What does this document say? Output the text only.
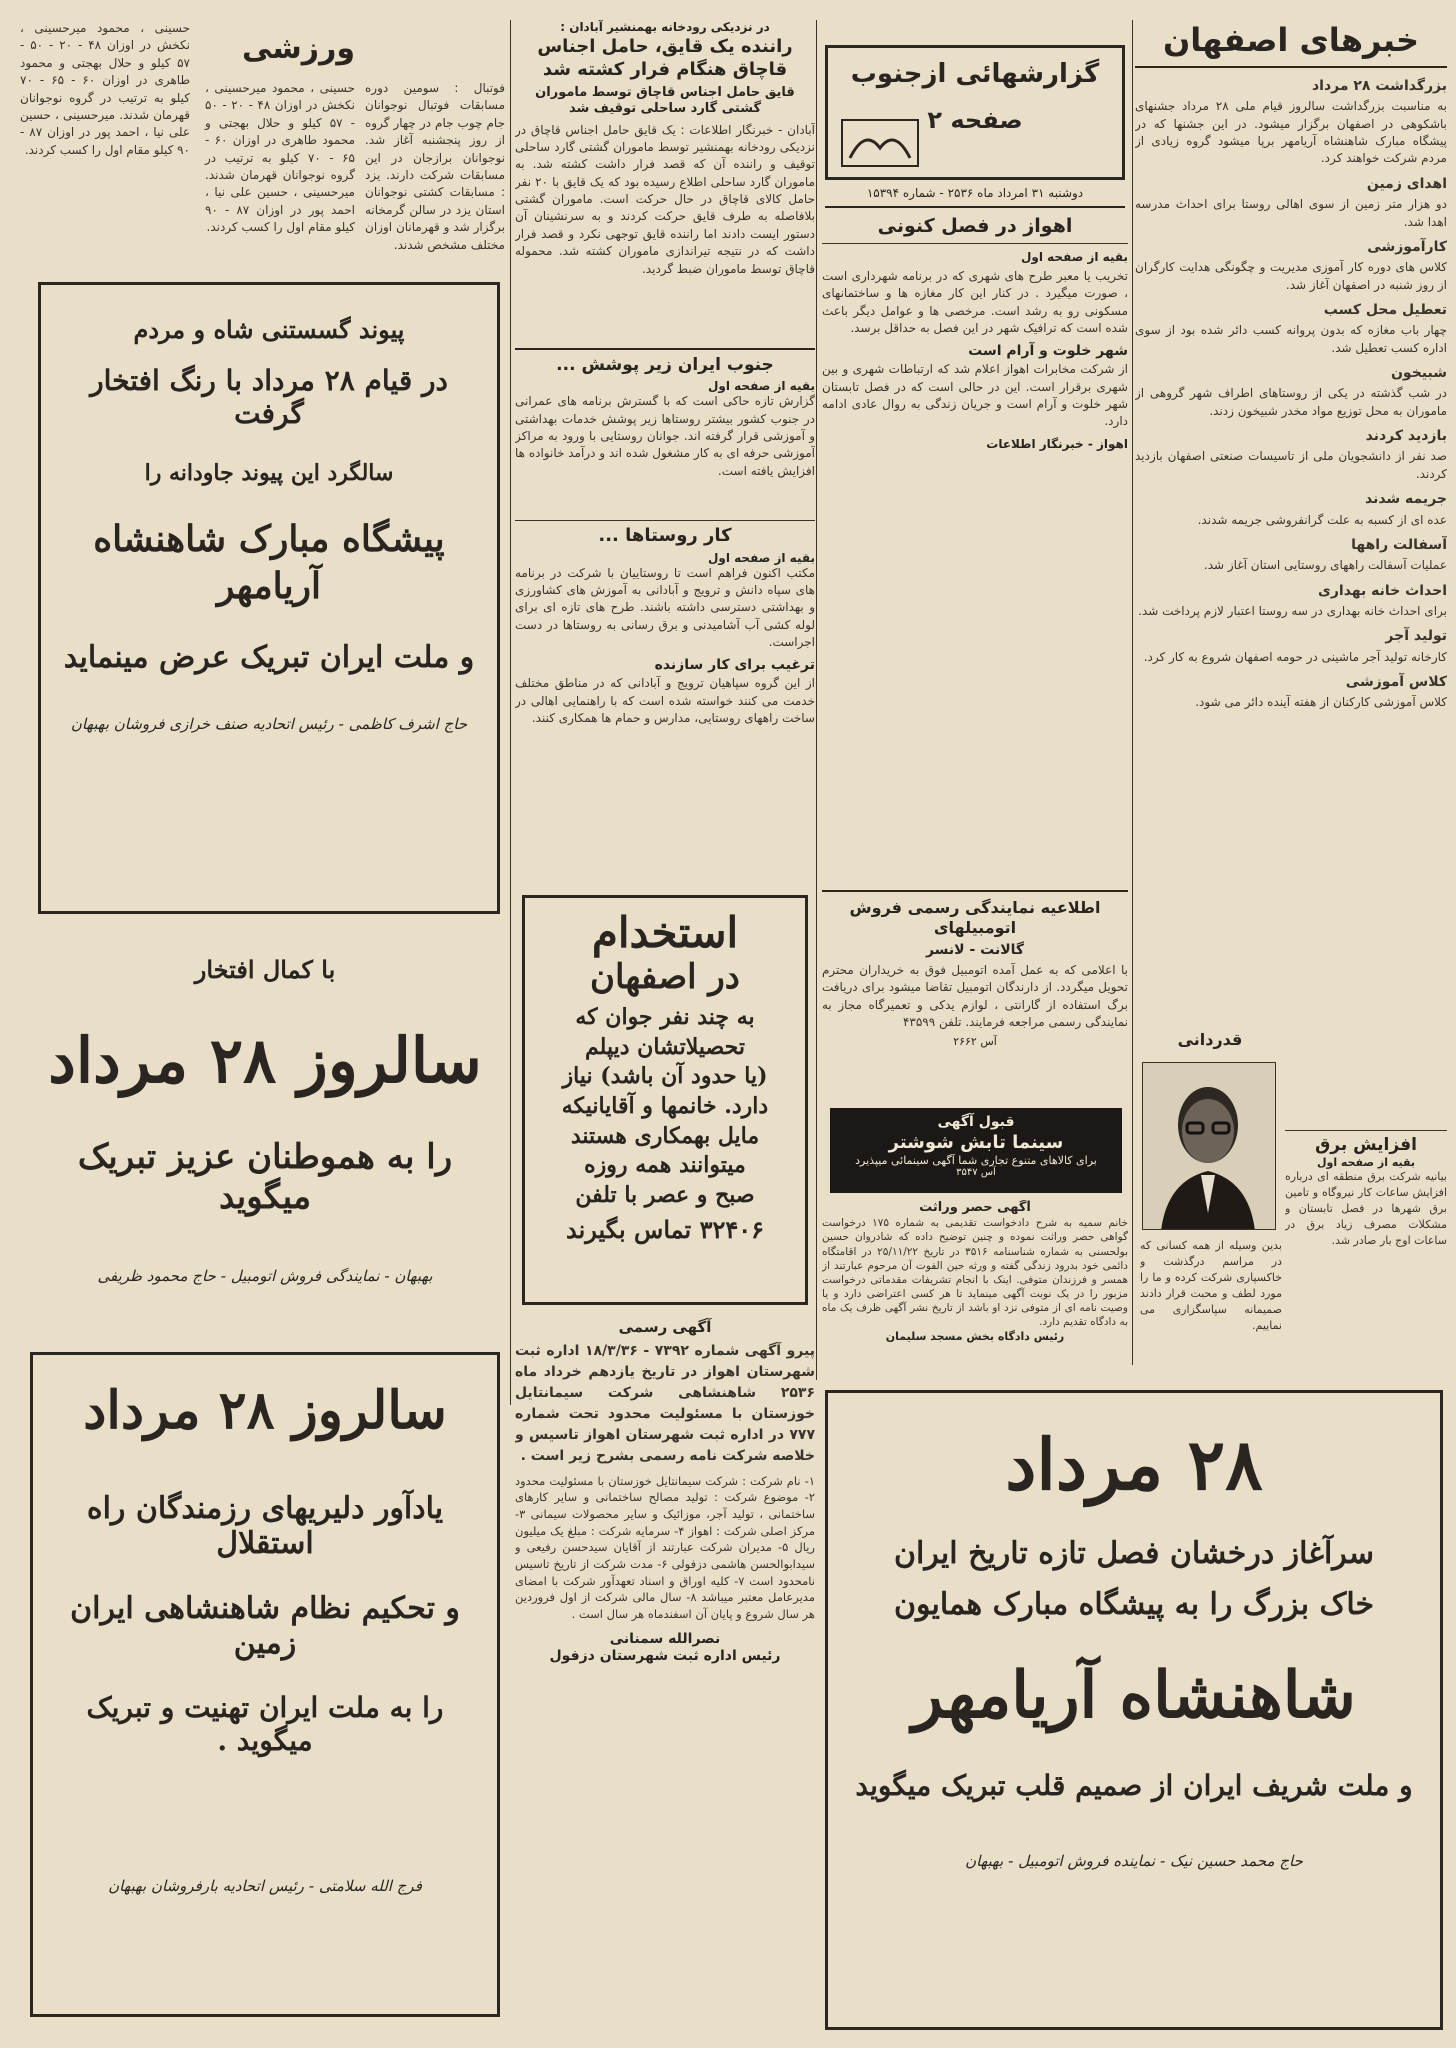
خبرهای اصفهان
بزرگداشت ۲۸ مرداد

به مناسبت بزرگداشت سالروز قیام ملی ۲۸ مرداد جشنهای باشکوهی در اصفهان برگزار میشود. در این جشنها که در پیشگاه مبارک شاهنشاه آریامهر برپا میشود گروه زیادی از مردم شرکت خواهند کرد.

اهدای زمین

دو هزار متر زمین از سوی اهالی روستا برای احداث مدرسه اهدا شد.

کارآموزشی

کلاس های دوره کار آموزی مدیریت و چگونگی هدایت کارگران از روز شنبه در اصفهان آغاز شد.

تعطیل محل کسب

چهار باب مغازه که بدون پروانه کسب دائر شده بود از سوی اداره کسب تعطیل شد.

شبیخون

در شب گذشته در یکی از روستاهای اطراف شهر گروهی از ماموران به محل توزیع مواد مخدر شبیخون زدند.

بازدید کردند

صد نفر از دانشجویان ملی از تاسیسات صنعتی اصفهان بازدید کردند.

جریمه شدند

عده ای از کسبه به علت گرانفروشی جریمه شدند.

آسفالت راهها

عملیات آسفالت راههای روستایی استان آغاز شد.

احداث خانه بهداری

برای احداث خانه بهداری در سه روستا اعتبار لازم پرداخت شد.

تولید آجر

کارخانه تولید آجر ماشینی در حومه اصفهان شروع به کار کرد.

کلاس آموزشی

کلاس آموزشی کارکنان از هفته آینده دائر می شود.

افزایش برق
بقیه از صفحه اول
بیانیه شرکت برق منطقه ای درباره افزایش ساعات کار نیروگاه و تامین برق شهرها در فصل تابستان و مشکلات مصرف زیاد برق در ساعات اوج بار صادر شد.
قدردانی
بدین وسیله از همه کسانی که در مراسم درگذشت و خاکسپاری شرکت کرده و ما را مورد لطف و محبت قرار دادند صمیمانه سپاسگزاری می نماییم.
گزارشهائی ازجنوب
صفحه ۲
دوشنبه ۳۱ امرداد ماه ۲۵۳۶ - شماره ۱۵۳۹۴
اهواز در فصل کنونی
بقیه از صفحه اول
تخریب یا معبر طرح های شهری که در برنامه شهرداری است ، صورت میگیرد . در کنار این کار مغازه ها و ساختمانهای مسکونی رو به رشد است. مرخصی ها و عوامل دیگر باعث شده است که ترافیک شهر در این فصل به حداقل برسد.
شهر خلوت و آرام است
از شرکت مخابرات اهواز اعلام شد که ارتباطات شهری و بین شهری برقرار است. این در حالی است که در فصل تابستان شهر خلوت و آرام است و جریان زندگی به روال عادی ادامه دارد.
اهواز - خبرنگار اطلاعات
اطلاعیه نمایندگی رسمی فروش اتومبیلهای
گالانت - لانسر
با اعلامی که به عمل آمده اتومبیل فوق به خریداران محترم تحویل میگردد. از دارندگان اتومبیل تقاضا میشود برای دریافت برگ استفاده از گارانتی ، لوازم یدکی و تعمیرگاه مجاز به نمایندگی رسمی مراجعه فرمایند. تلفن ۴۳۵۹۹
آس ۲۶۶۲
قبول آگهی
سینما تابش شوشتر
برای کالاهای متنوع تجاری شما آگهی سینمائی میپذیرد
آس ۳۵۴۷
آگهی حصر وراثت
خانم سمیه به شرح دادخواست تقدیمی به شماره ۱۷۵ درخواست گواهی حصر وراثت نموده و چنین توضیح داده که شادروان حسین بولحسنی به شماره شناسنامه ۳۵۱۶ در تاریخ ۲۵/۱۱/۲۲ در اقامتگاه دائمی خود بدرود زندگی گفته و ورثه حین الفوت آن مرحوم عبارتند از همسر و فرزندان متوفی. اینک با انجام تشریفات مقدماتی درخواست مزبور را در یک نوبت آگهی مینماید تا هر کسی اعتراضی دارد و یا وصیت نامه ای از متوفی نزد او باشد از تاریخ نشر آگهی ظرف یک ماه به دادگاه تقدیم دارد.
رئیس دادگاه بخش مسجد سلیمان
در نزدیکی رودخانه بهمنشیر آبادان :
راننده یک قایق، حامل اجناس قاچاق هنگام فرار کشته شد
قایق حامل اجناس قاچاق توسط ماموران گشتی گارد ساحلی توقیف شد
آبادان - خبرنگار اطلاعات : یک قایق حامل اجناس قاچاق در نزدیکی رودخانه بهمنشیر توسط ماموران گشتی گارد ساحلی توقیف و راننده آن که قصد فرار داشت کشته شد. به ماموران گارد ساحلی اطلاع رسیده بود که یک قایق با ۲۰ نفر حامل کالای قاچاق در حال حرکت است. ماموران گشتی بلافاصله به طرف قایق حرکت کردند و به سرنشینان آن دستور ایست دادند اما راننده قایق توجهی نکرد و قصد فرار داشت که در نتیجه تیراندازی ماموران کشته شد. محموله قاچاق توسط ماموران ضبط گردید.
ورزشی
فوتبال : سومین دوره مسابقات فوتبال نوجوانان جام چوب جام در چهار گروه از روز پنجشنبه آغاز شد. نوجوانان برازجان در این مسابقات شرکت دارند. یزد : مسابقات کشتی نوجوانان استان یزد در سالن گرمخانه برگزار شد و قهرمانان اوزان مختلف مشخص شدند.
حسینی ، محمود میرحسینی ، نکخش در اوزان ۴۸ - ۲۰ - ۵۰ - ۵۷ کیلو و حلال بهجتی و محمود طاهری در اوزان ۶۰ - ۶۵ - ۷۰ کیلو به ترتیب در گروه نوجوانان قهرمان شدند. میرحسینی ، حسین علی نیا ، احمد پور در اوزان ۸۷ - ۹۰ کیلو مقام اول را کسب کردند.
حسینی ، محمود میرحسینی ، نکخش در اوزان ۴۸ - ۲۰ - ۵۰ - ۵۷ کیلو و حلال بهجتی و محمود طاهری در اوزان ۶۰ - ۶۵ - ۷۰ کیلو به ترتیب در گروه نوجوانان قهرمان شدند. میرحسینی ، حسین علی نیا ، احمد پور در اوزان ۸۷ - ۹۰ کیلو مقام اول را کسب کردند.
جنوب ایران زیر پوشش ...
بقیه از صفحه اول
گزارش تازه حاکی است که با گسترش برنامه های عمرانی در جنوب کشور بیشتر روستاها زیر پوشش خدمات بهداشتی و آموزشی قرار گرفته اند. جوانان روستایی با ورود به مراکز آموزشی حرفه ای به کار مشغول شده اند و درآمد خانواده ها افزایش یافته است.
کار روستاها ...
بقیه از صفحه اول
مکتب اکنون فراهم است تا روستاییان با شرکت در برنامه های سپاه دانش و ترویج و آبادانی به آموزش های کشاورزی و بهداشتی دسترسی داشته باشند. طرح های تازه ای برای لوله کشی آب آشامیدنی و برق رسانی به روستاها در دست اجراست.
ترغیب برای کار سازنده
از این گروه سپاهیان ترویج و آبادانی که در مناطق مختلف خدمت می کنند خواسته شده است که با راهنمایی اهالی در ساخت راههای روستایی، مدارس و حمام ها همکاری کنند.
استخدام
در اصفهان
به چند نفر جوان که
تحصیلاتشان دیپلم
(یا حدود آن باشد) نیاز
دارد. خانمها و آقایانیکه
مایل بهمکاری هستند
میتوانند همه روزه
صبح و عصر با تلفن
۳۲۴۰۶ تماس بگیرند
آگهی رسمی
پیرو آگهی شماره ۷۳۹۲ - ۱۸/۳/۳۶ اداره ثبت شهرستان اهواز در تاریخ یازدهم خرداد ماه ۲۵۳۶ شاهنشاهی شرکت سیمانتایل خوزستان با مسئولیت محدود تحت شماره ۷۷۷ در اداره ثبت شهرستان اهواز تاسیس و خلاصه شرکت نامه رسمی بشرح زیر است .
۱- نام شرکت : شرکت سیمانتایل خوزستان با مسئولیت محدود ۲- موضوع شرکت : تولید مصالح ساختمانی و سایر کارهای ساختمانی ، تولید آجر، موزائیک و سایر محصولات سیمانی ۳- مرکز اصلی شرکت : اهواز ۴- سرمایه شرکت : مبلغ یک میلیون ریال ۵- مدیران شرکت عبارتند از آقایان سیدحسن رفیعی و سیدابوالحسن هاشمی دزفولی ۶- مدت شرکت از تاریخ تاسیس نامحدود است ۷- کلیه اوراق و اسناد تعهدآور شرکت با امضای مدیرعامل معتبر میباشد ۸- سال مالی شرکت از اول فروردین هر سال شروع و پایان آن اسفندماه هر سال است .
نصرالله سمنانی
رئیس اداره ثبت شهرستان دزفول
پیوند گسستنی شاه و مردم
در قیام ۲۸ مرداد با رنگ افتخار گرفت
سالگرد این پیوند جاودانه را
پیشگاه مبارک شاهنشاه آریامهر
و ملت ایران تبریک عرض مینماید
حاج اشرف کاظمی - رئیس اتحادیه صنف خرازی فروشان بهبهان
با کمال افتخار
سالروز ۲۸ مرداد
را به هموطنان عزیز تبریک میگوید
بهبهان - نمایندگی فروش اتومبیل - حاج محمود ظریفی
سالروز ۲۸ مرداد
یادآور دلیریهای رزمندگان راه استقلال
و تحکیم نظام شاهنشاهی ایران زمین
را به ملت ایران تهنیت و تبریک میگوید .
فرج الله سلامتی - رئیس اتحادیه بارفروشان بهبهان
۲۸ مرداد
سرآغاز درخشان فصل تازه تاریخ ایران
خاک بزرگ را به پیشگاه مبارک همایون
شاهنشاه آریامهر
و ملت شریف ایران از صمیم قلب تبریک میگوید
حاج محمد حسین نیک - نماینده فروش اتومبیل - بهبهان
